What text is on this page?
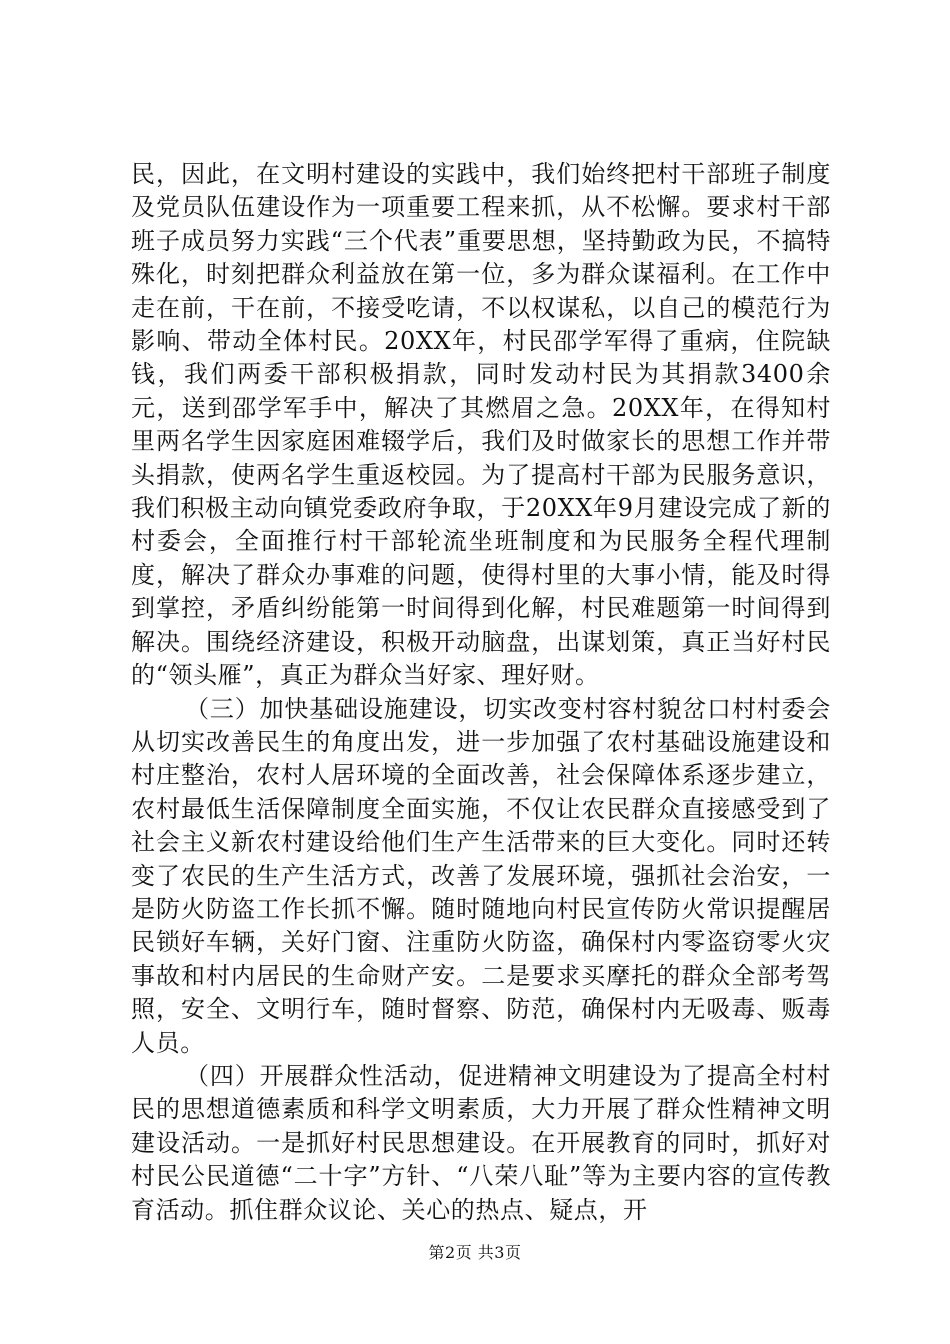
民，因此，在文明村建设的实践中，我们始终把村干部班子制度及党员队伍建设作为一项重要工程来抓，从不松懈。要求村干部班子成员努力实践“三个代表”重要思想，坚持勤政为民，不搞特殊化，时刻把群众利益放在第一位，多为群众谋福利。在工作中走在前，干在前，不接受吃请，不以权谋私，以自己的模范行为影响、带动全体村民。20XX年，村民邵学军得了重病，住院缺钱，我们两委干部积极捐款，同时发动村民为其捐款3400余元，送到邵学军手中，解决了其燃眉之急。20XX年，在得知村里两名学生因家庭困难辍学后，我们及时做家长的思想工作并带头捐款，使两名学生重返校园。为了提高村干部为民服务意识，我们积极主动向镇党委政府争取，于20XX年9月建设完成了新的村委会，全面推行村干部轮流坐班制度和为民服务全程代理制度，解决了群众办事难的问题，使得村里的大事小情，能及时得到掌控，矛盾纠纷能第一时间得到化解，村民难题第一时间得到解决。围绕经济建设，积极开动脑盘，出谋划策，真正当好村民的“领头雁”，真正为群众当好家、理好财。

（三）加快基础设施建设，切实改变村容村貌岔口村村委会从切实改善民生的角度出发，进一步加强了农村基础设施建设和村庄整治，农村人居环境的全面改善，社会保障体系逐步建立，农村最低生活保障制度全面实施，不仅让农民群众直接感受到了社会主义新农村建设给他们生产生活带来的巨大变化。同时还转变了农民的生产生活方式，改善了发展环境，强抓社会治安，一是防火防盗工作长抓不懈。随时随地向村民宣传防火常识提醒居民锁好车辆，关好门窗、注重防火防盗，确保村内零盗窃零火灾事故和村内居民的生命财产安。二是要求买摩托的群众全部考驾照，安全、文明行车，随时督察、防范，确保村内无吸毒、贩毒人员。

（四）开展群众性活动，促进精神文明建设为了提高全村村民的思想道德素质和科学文明素质，大力开展了群众性精神文明建设活动。一是抓好村民思想建设。在开展教育的同时，抓好对村民公民道德“二十字”方针、“八荣八耻”等为主要内容的宣传教育活动。抓住群众议论、关心的热点、疑点，开

第2页 共3页
